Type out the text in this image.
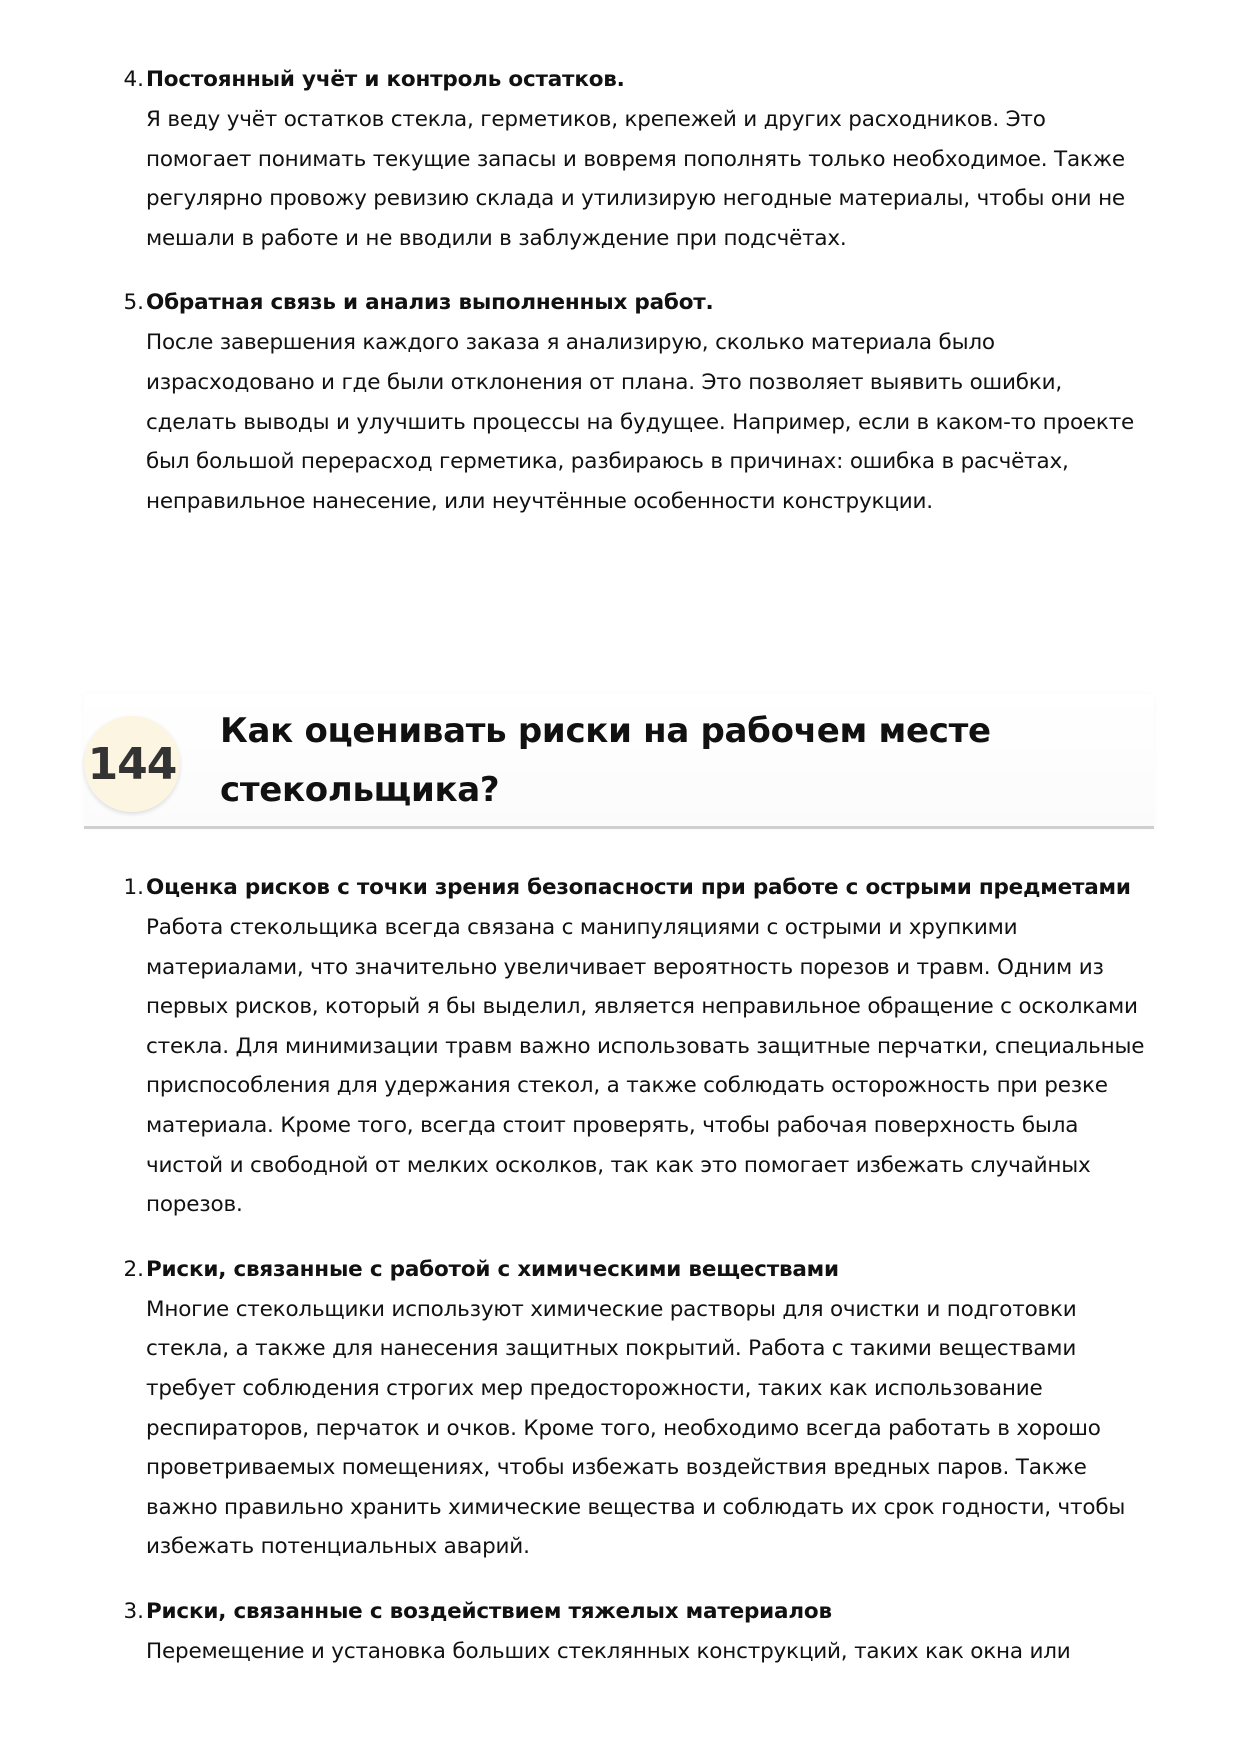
4. Постоянный учёт и контроль остатков.
Я веду учёт остатков стекла, герметиков, крепежей и других расходников. Это помогает понимать текущие запасы и вовремя пополнять только необходимое. Также регулярно провожу ревизию склада и утилизирую негодные материалы, чтобы они не мешали в работе и не вводили в заблуждение при подсчётах.
5. Обратная связь и анализ выполненных работ.
После завершения каждого заказа я анализирую, сколько материала было израсходовано и где были отклонения от плана. Это позволяет выявить ошибки, сделать выводы и улучшить процессы на будущее. Например, если в каком-то проекте был большой перерасход герметика, разбираюсь в причинах: ошибка в расчётах, неправильное нанесение, или неучтённые особенности конструкции.
144
Как оценивать риски на рабочем месте стекольщика?
1. Оценка рисков с точки зрения безопасности при работе с острыми предметами
Работа стекольщика всегда связана с манипуляциями с острыми и хрупкими материалами, что значительно увеличивает вероятность порезов и травм. Одним из первых рисков, который я бы выделил, является неправильное обращение с осколками стекла. Для минимизации травм важно использовать защитные перчатки, специальные приспособления для удержания стекол, а также соблюдать осторожность при резке материала. Кроме того, всегда стоит проверять, чтобы рабочая поверхность была чистой и свободной от мелких осколков, так как это помогает избежать случайных порезов.
2. Риски, связанные с работой с химическими веществами
Многие стекольщики используют химические растворы для очистки и подготовки стекла, а также для нанесения защитных покрытий. Работа с такими веществами требует соблюдения строгих мер предосторожности, таких как использование респираторов, перчаток и очков. Кроме того, необходимо всегда работать в хорошо проветриваемых помещениях, чтобы избежать воздействия вредных паров. Также важно правильно хранить химические вещества и соблюдать их срок годности, чтобы избежать потенциальных аварий.
3. Риски, связанные с воздействием тяжелых материалов
Перемещение и установка больших стеклянных конструкций, таких как окна или
